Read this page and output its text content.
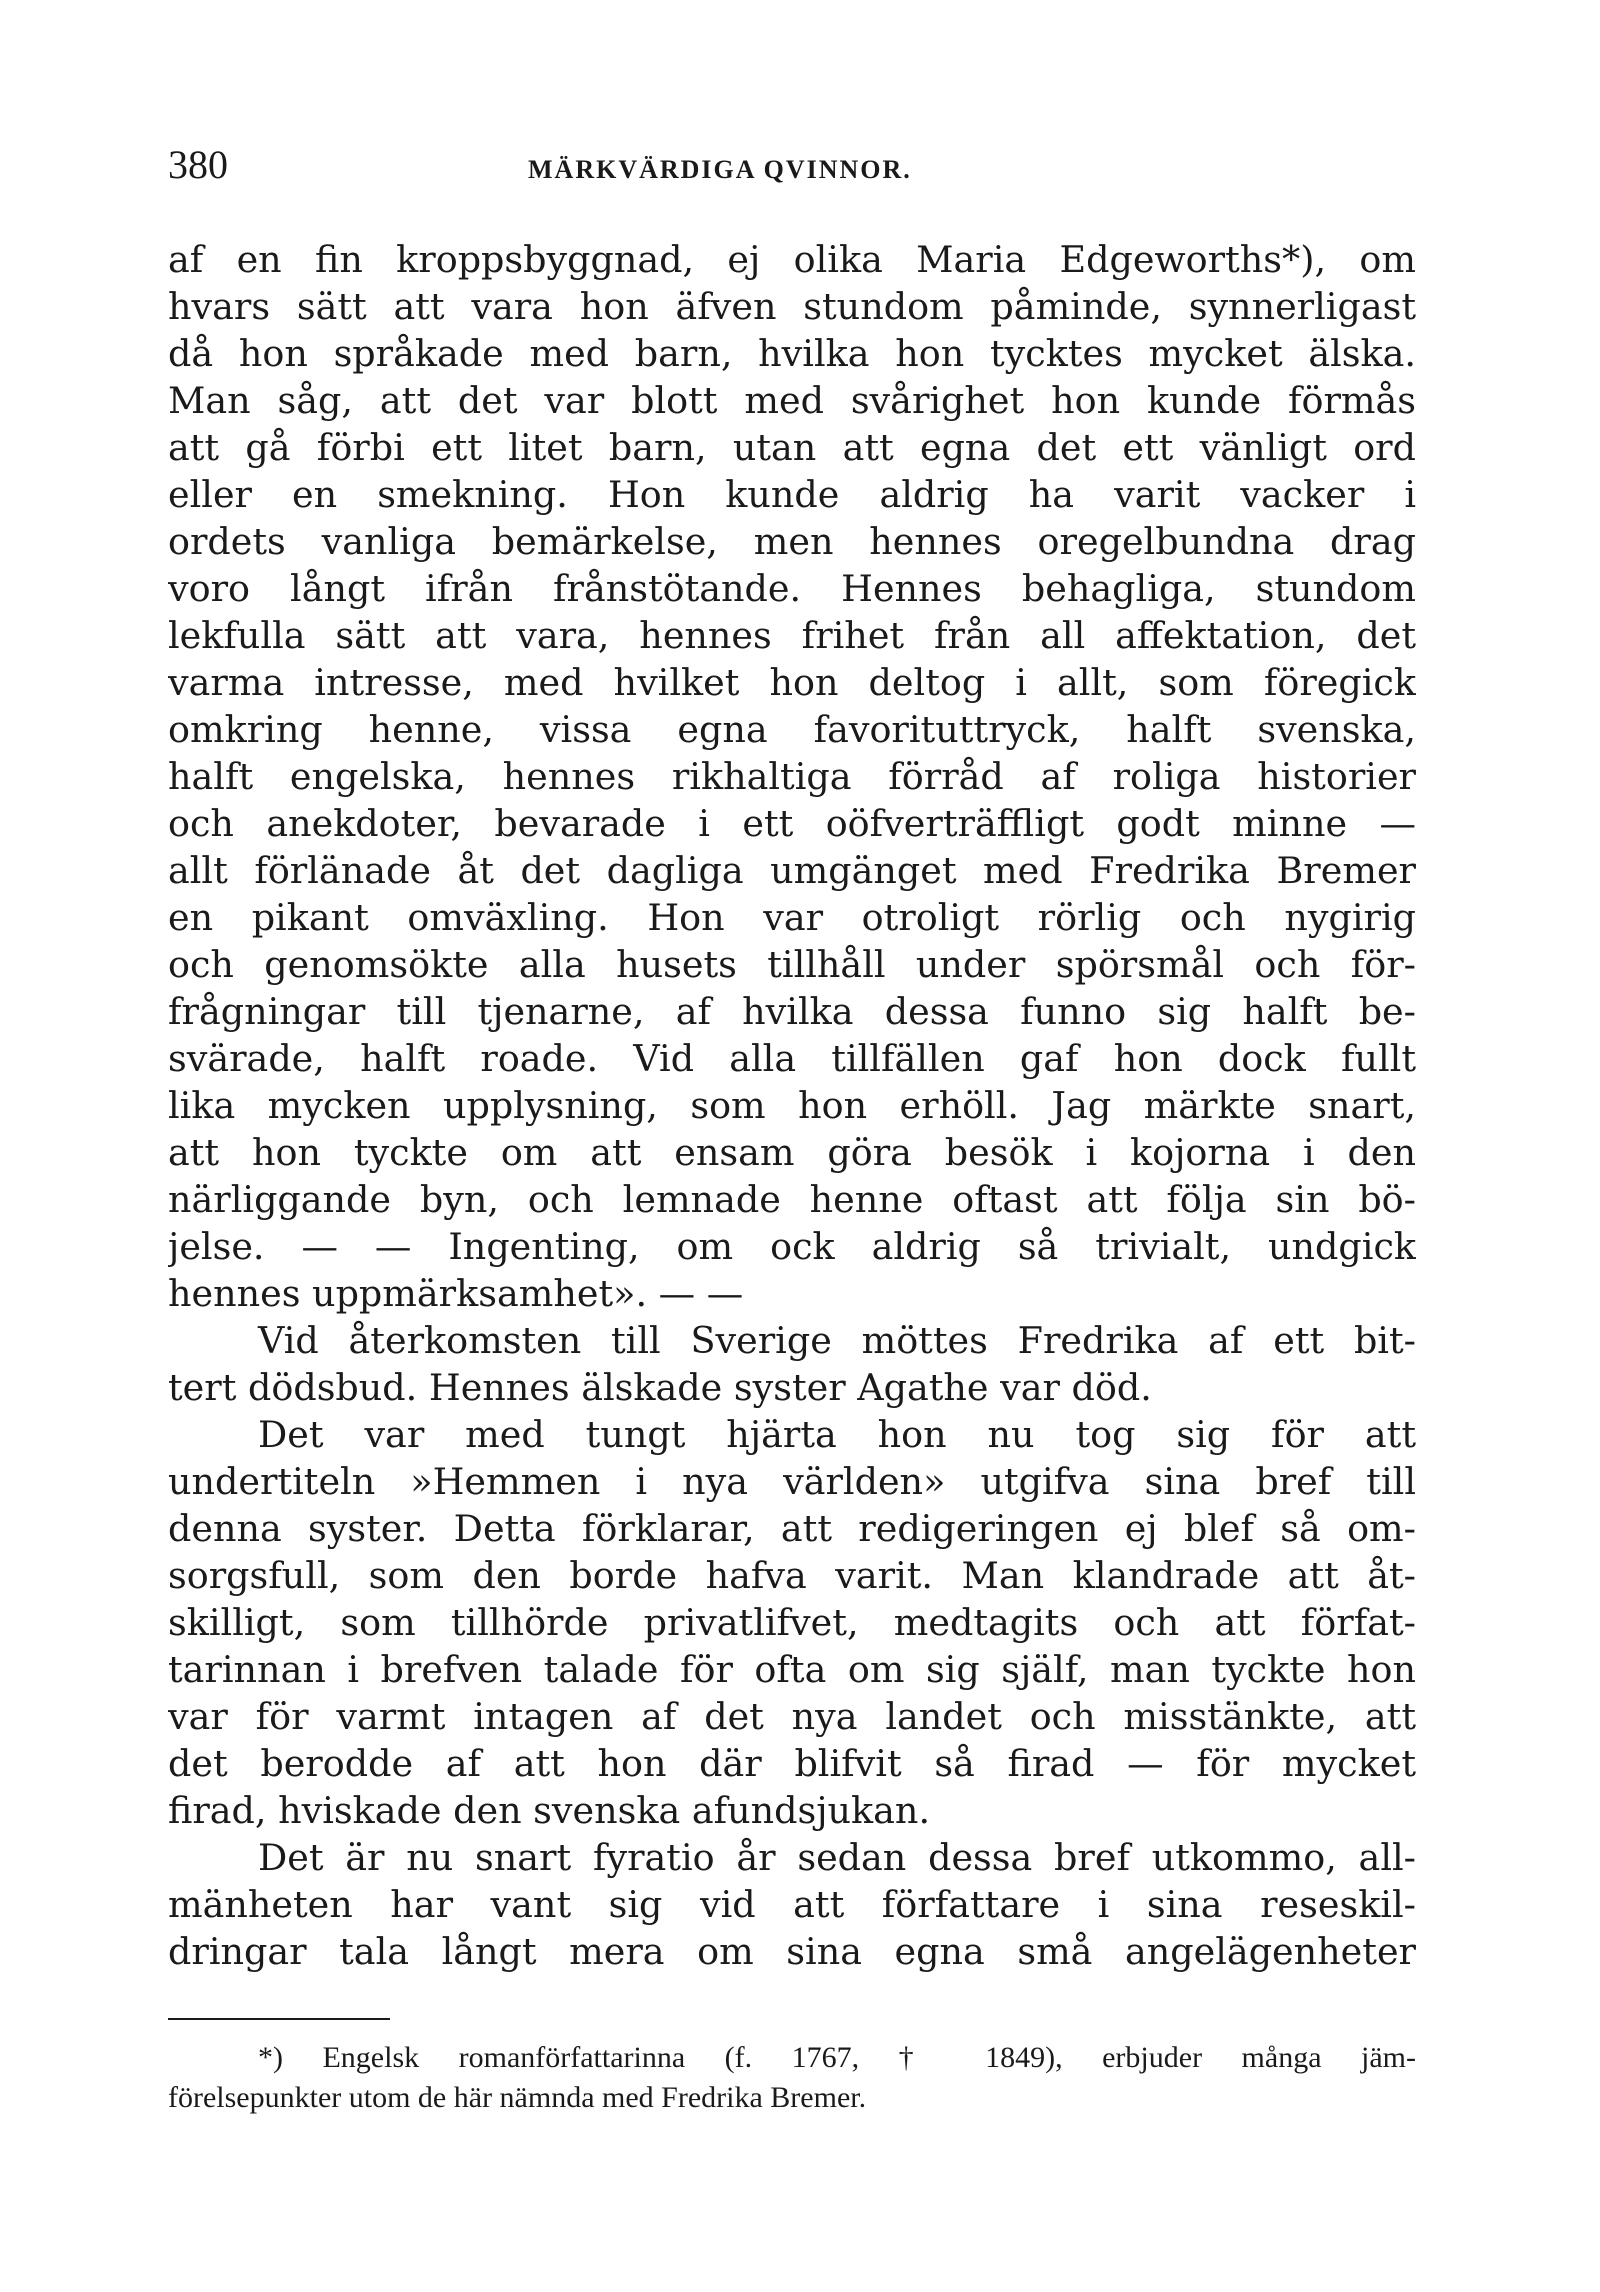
380	MÄRKVÄRDIGA QVINNOR.
af en fin kroppsbyggnad, ej olika Maria Edgeworths*), om
hvars sätt att vara hon äfven stundom påminde, synnerligast
då hon språkade med barn, hvilka hon tycktes mycket älska.
Man såg, att det var blott med svårighet hon kunde förmås
att gå förbi ett litet barn, utan att egna det ett vänligt ord
eller en smekning. Hon kunde aldrig ha varit vacker i
ordets vanliga bemärkelse, men hennes oregelbundna drag
voro långt ifrån frånstötande. Hennes behagliga, stundom
lekfulla sätt att vara, hennes frihet från all affektation, det
varma intresse, med hvilket hon deltog i allt, som föregick
omkring henne, vissa egna favorituttryck, halft svenska,
halft engelska, hennes rikhaltiga förråd af roliga historier
och anekdoter, bevarade i ett oöfverträffligt godt minne —
allt förlänade åt det dagliga umgänget med Fredrika Bremer
en pikant omväxling. Hon var otroligt rörlig och nygirig
och genomsökte alla husets tillhåll under spörsmål och för-
frågningar till tjenarne, af hvilka dessa funno sig halft be-
svärade, halft roade. Vid alla tillfällen gaf hon dock fullt
lika mycken upplysning, som hon erhöll. Jag märkte snart,
att hon tyckte om att ensam göra besök i kojorna i den
närliggande byn, och lemnade henne oftast att följa sin bö-
jelse. — — Ingenting, om ock aldrig så trivialt, undgick
hennes uppmärksamhet». — —
Vid återkomsten till Sverige möttes Fredrika af ett bit-
tert dödsbud. Hennes älskade syster Agathe var död.
Det var med tungt hjärta hon nu tog sig för att
undertiteln »Hemmen i nya världen» utgifva sina bref till
denna syster. Detta förklarar, att redigeringen ej blef så om-
sorgsfull, som den borde hafva varit. Man klandrade att åt-
skilligt, som tillhörde privatlifvet, medtagits och att förfat-
tarinnan i brefven talade för ofta om sig själf, man tyckte hon
var för varmt intagen af det nya landet och misstänkte, att
det berodde af att hon där blifvit så firad — för mycket
firad, hviskade den svenska afundsjukan.
Det är nu snart fyratio år sedan dessa bref utkommo, all-
mänheten har vant sig vid att författare i sina reseskil-
dringar tala långt mera om sina egna små angelägenheter
*) Engelsk romanförfattarinna (f. 1767, † 1849), erbjuder många jäm-
förelsepunkter utom de här nämnda med Fredrika Bremer.
